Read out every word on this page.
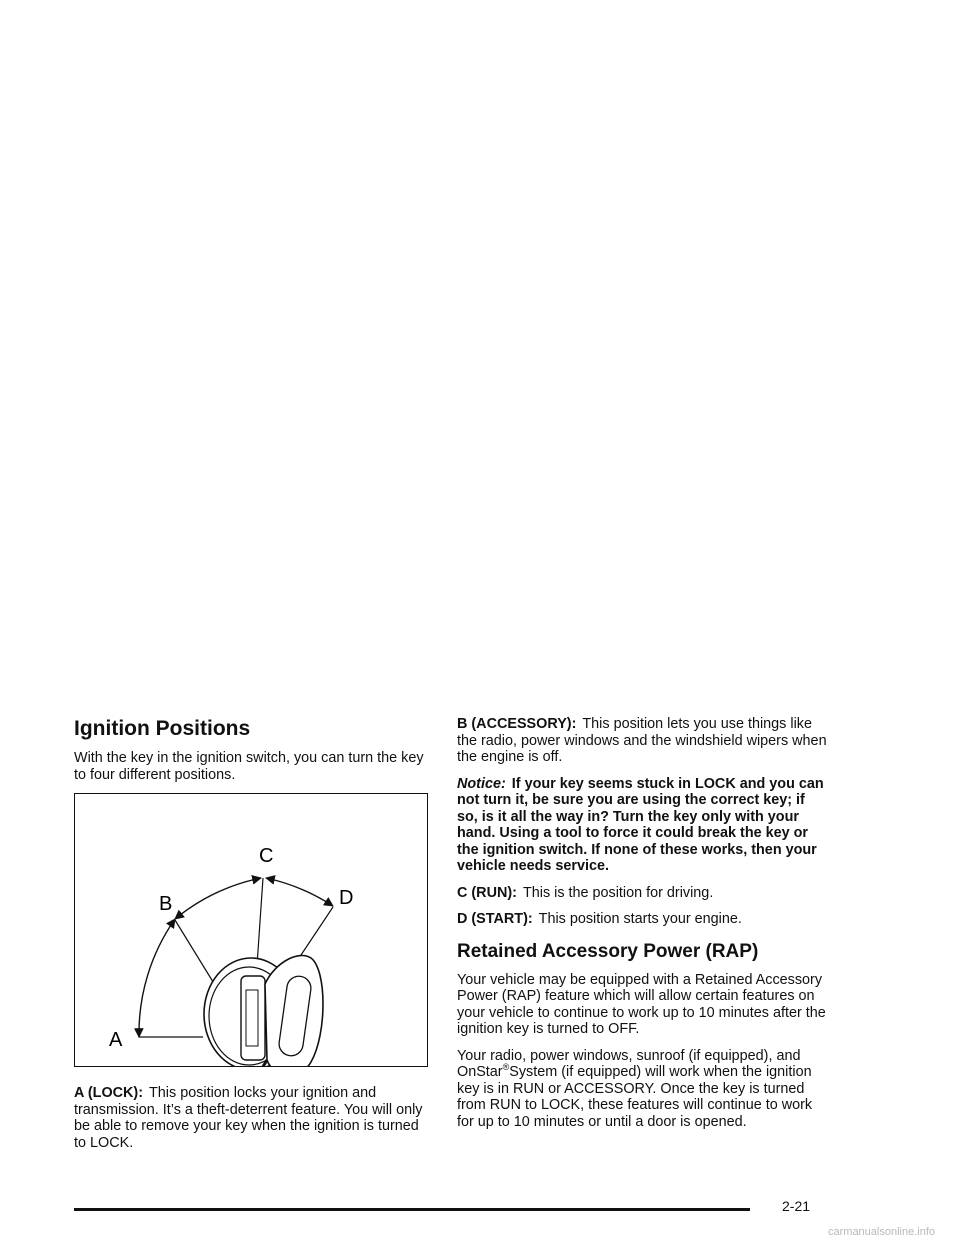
Ignition Positions

With the key in the ignition switch, you can turn the key to four different positions.

A
B
C
D

A (LOCK): This position locks your ignition and transmission. It’s a theft-deterrent feature. You will only be able to remove your key when the ignition is turned to LOCK.

B (ACCESSORY): This position lets you use things like the radio, power windows and the windshield wipers when the engine is off.

Notice: If your key seems stuck in LOCK and you can not turn it, be sure you are using the correct key; if so, is it all the way in? Turn the key only with your hand. Using a tool to force it could break the key or the ignition switch. If none of these works, then your vehicle needs service.

C (RUN): This is the position for driving.

D (START): This position starts your engine.

Retained Accessory Power (RAP)

Your vehicle may be equipped with a Retained Accessory Power (RAP) feature which will allow certain features on your vehicle to continue to work up to 10 minutes after the ignition key is turned to OFF.

Your radio, power windows, sunroof (if equipped), and OnStar®System (if equipped) will work when the ignition key is in RUN or ACCESSORY. Once the key is turned from RUN to LOCK, these features will continue to work for up to 10 minutes or until a door is opened.

2-21
carmanualsonline.info
